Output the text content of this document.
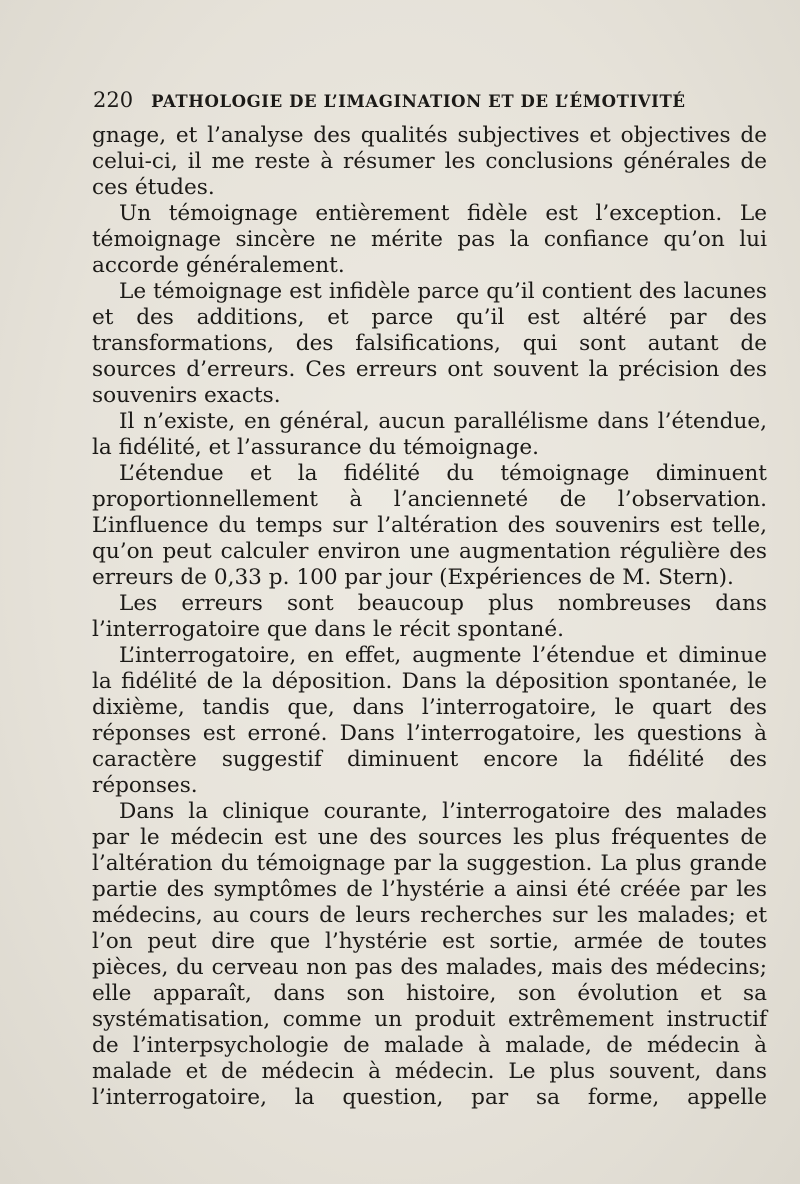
220 PATHOLOGIE DE L’IMAGINATION ET DE L’ÉMOTIVITÉ

gnage, et l’analyse des qualités subjectives et objectives de celui-ci, il me reste à résumer les conclusions générales de ces études.

Un témoignage entièrement fidèle est l’exception. Le témoignage sincère ne mérite pas la confiance qu’on lui accorde généralement.

Le témoignage est infidèle parce qu’il contient des lacunes et des additions, et parce qu’il est altéré par des transformations, des falsifications, qui sont autant de sources d’erreurs. Ces erreurs ont souvent la précision des souvenirs exacts.

Il n’existe, en général, aucun parallélisme dans l’étendue, la fidélité, et l’assurance du témoignage.

L’étendue et la fidélité du témoignage diminuent proportionnellement à l’ancienneté de l’observation. L’influence du temps sur l’altération des souvenirs est telle, qu’on peut calculer environ une augmentation régulière des erreurs de 0,33 p. 100 par jour (Expériences de M. Stern).

Les erreurs sont beaucoup plus nombreuses dans l’interrogatoire que dans le récit spontané.

L’interrogatoire, en effet, augmente l’étendue et diminue la fidélité de la déposition. Dans la déposition spontanée, le dixième, tandis que, dans l’interrogatoire, le quart des réponses est erroné. Dans l’interrogatoire, les questions à caractère suggestif diminuent encore la fidélité des réponses.

Dans la clinique courante, l’interrogatoire des malades par le médecin est une des sources les plus fréquentes de l’altération du témoignage par la suggestion. La plus grande partie des symptômes de l’hystérie a ainsi été créée par les médecins, au cours de leurs recherches sur les malades; et l’on peut dire que l’hystérie est sortie, armée de toutes pièces, du cerveau non pas des malades, mais des médecins; elle apparaît, dans son histoire, son évolution et sa systématisation, comme un produit extrêmement instructif de l’interpsychologie de malade à malade, de médecin à malade et de médecin à médecin. Le plus souvent, dans l’interrogatoire, la question, par sa forme, appelle
